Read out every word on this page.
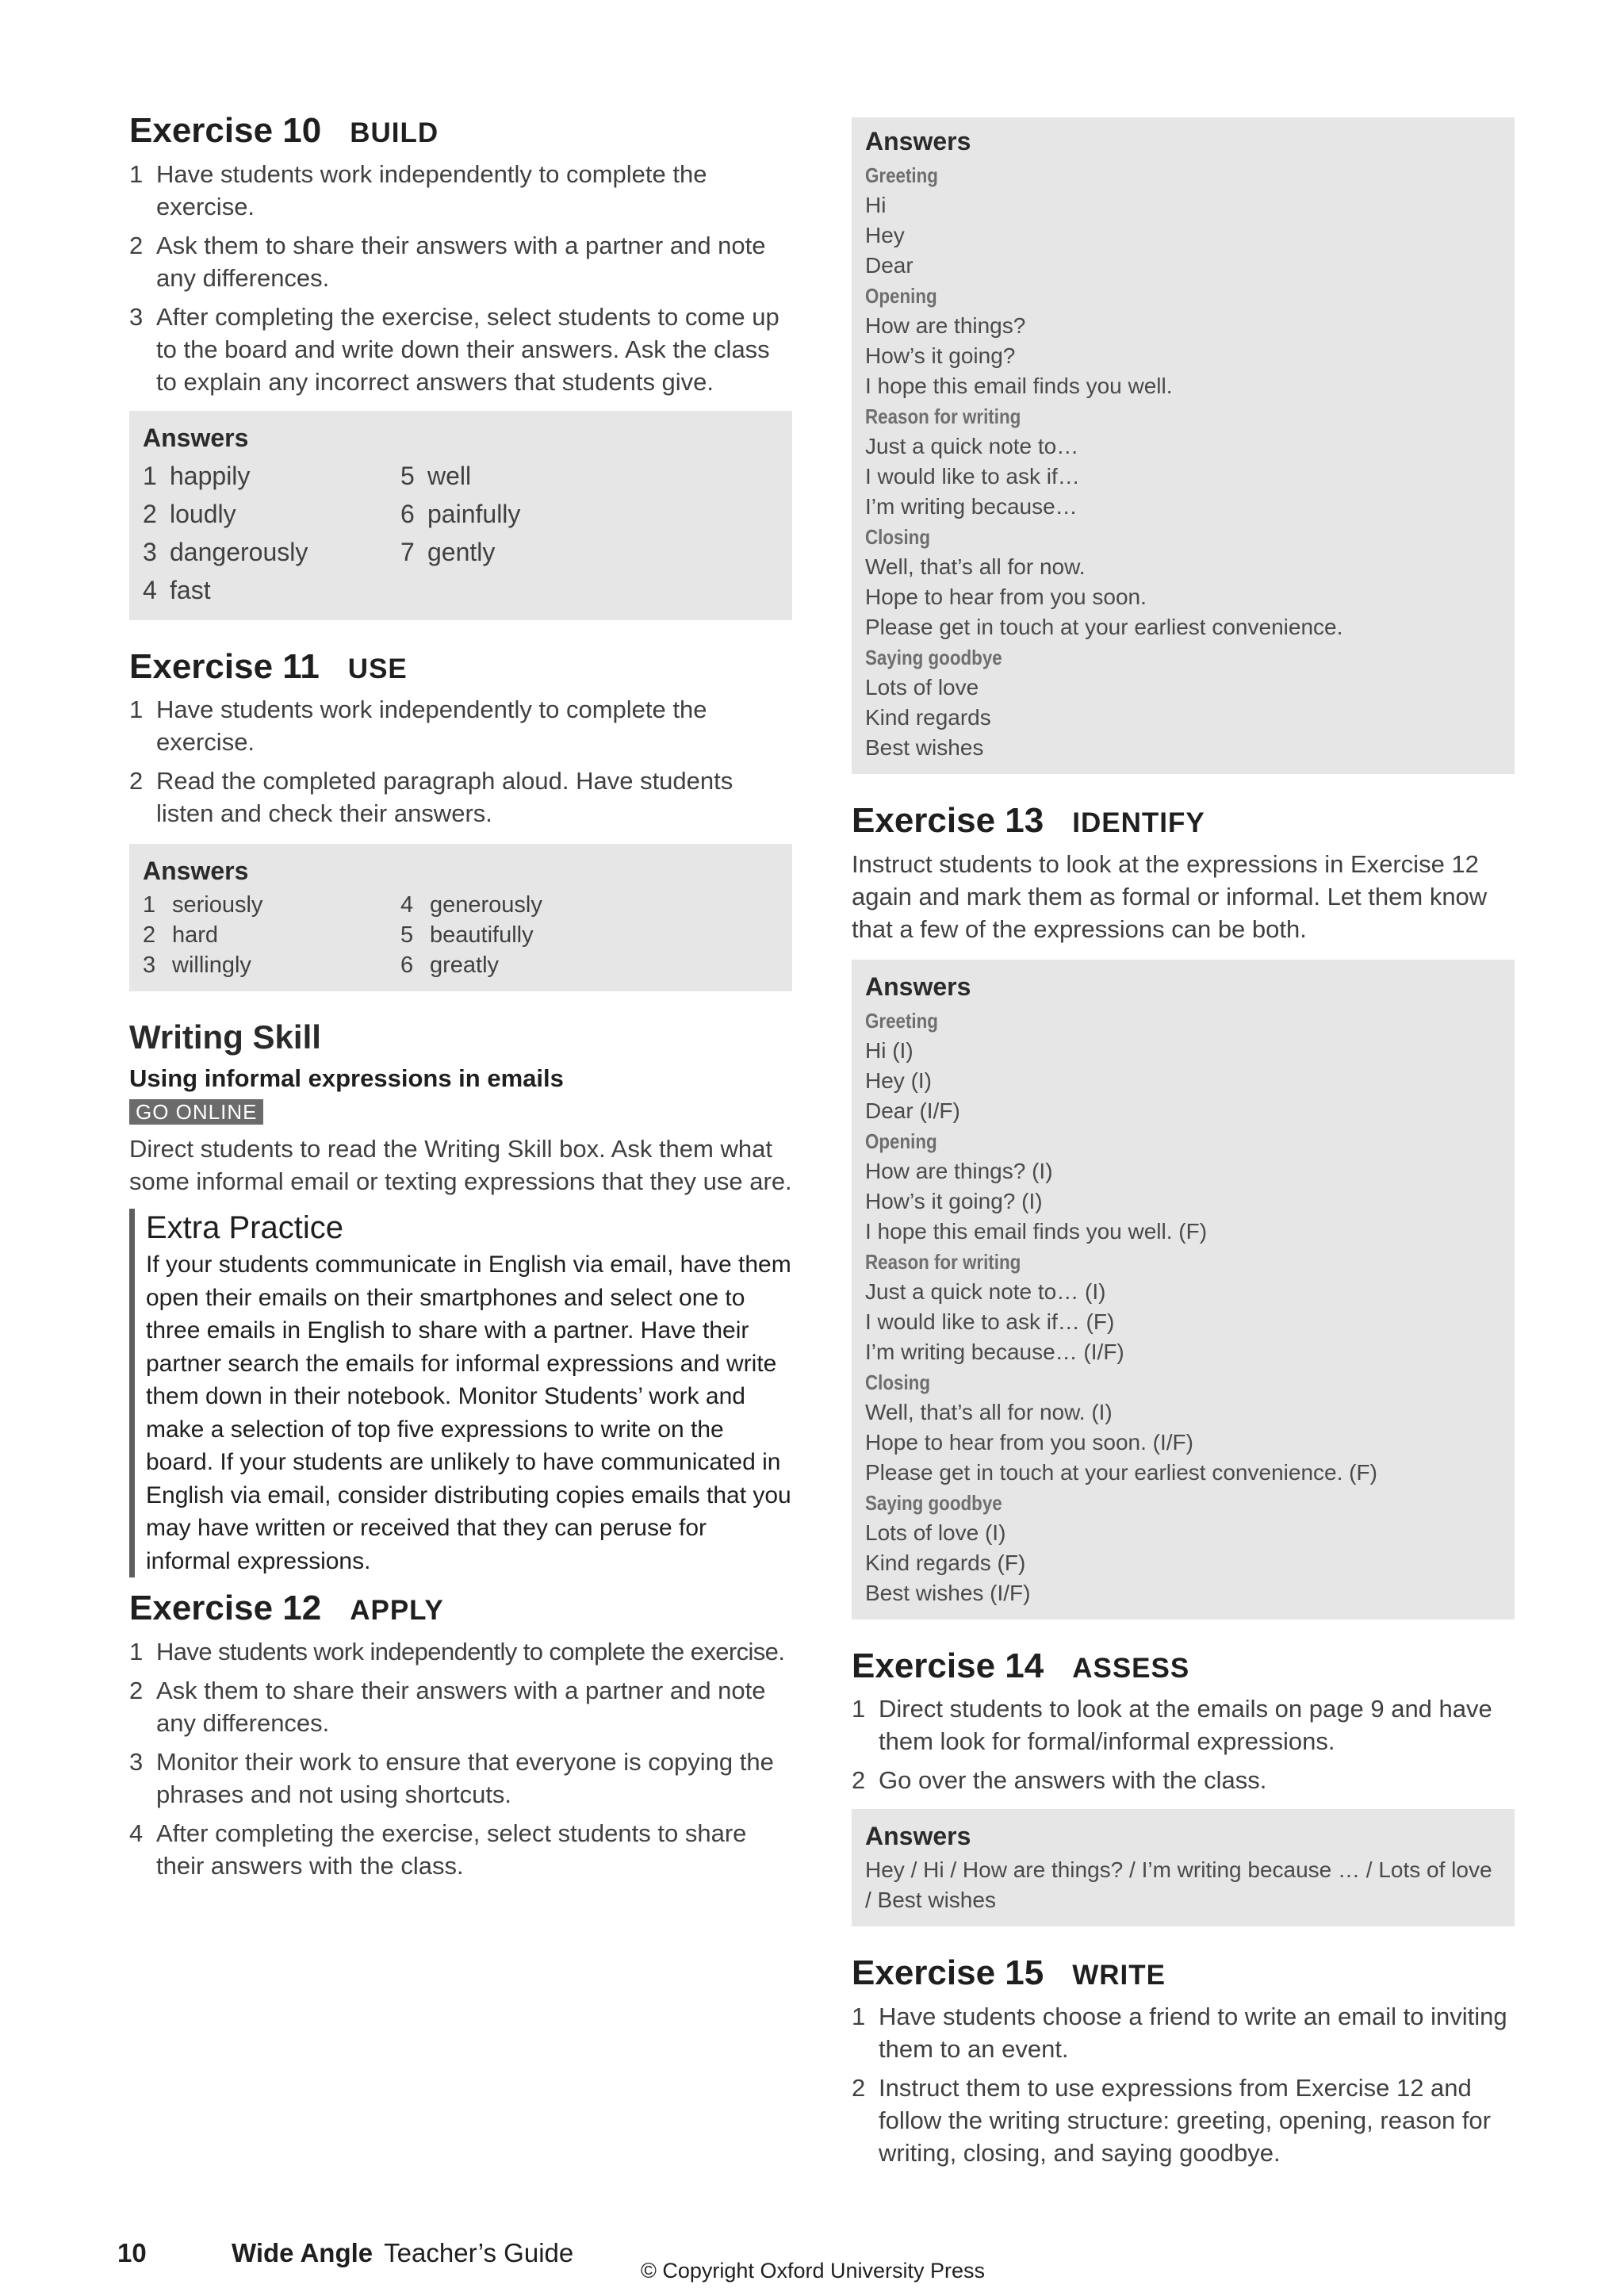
Exercise 10 BUILD
1 Have students work independently to complete the exercise.
2 Ask them to share their answers with a partner and note any differences.
3 After completing the exercise, select students to come up to the board and write down their answers. Ask the class to explain any incorrect answers that students give.
Answers
1 happily	5 well
2 loudly	6 painfully
3 dangerously	7 gently
4 fast
Exercise 11 USE
1 Have students work independently to complete the exercise.
2 Read the completed paragraph aloud. Have students listen and check their answers.
Answers
1 seriously	4 generously
2 hard	5 beautifully
3 willingly	6 greatly
Writing Skill
Using informal expressions in emails
GO ONLINE

Direct students to read the Writing Skill box. Ask them what some informal email or texting expressions that they use are.

Extra Practice

If your students communicate in English via email, have them open their emails on their smartphones and select one to three emails in English to share with a partner. Have their partner search the emails for informal expressions and write them down in their notebook. Monitor Students’ work and make a selection of top five expressions to write on the board. If your students are unlikely to have communicated in English via email, consider distributing copies emails that you may have written or received that they can peruse for informal expressions.

Exercise 12 APPLY
1 Have students work independently to complete the exercise.
2 Ask them to share their answers with a partner and note any differences.
3 Monitor their work to ensure that everyone is copying the phrases and not using shortcuts.
4 After completing the exercise, select students to share their answers with the class.
Answers
Greeting
Hi
Hey
Dear
Opening
How are things?
How’s it going?
I hope this email finds you well.
Reason for writing
Just a quick note to…
I would like to ask if…
I’m writing because…
Closing
Well, that’s all for now.
Hope to hear from you soon.
Please get in touch at your earliest convenience.
Saying goodbye
Lots of love
Kind regards
Best wishes
Exercise 13 IDENTIFY

Instruct students to look at the expressions in Exercise 12 again and mark them as formal or informal. Let them know that a few of the expressions can be both.

Answers
Greeting
Hi (I)
Hey (I)
Dear (I/F)
Opening
How are things? (I)
How’s it going? (I)
I hope this email finds you well. (F)
Reason for writing
Just a quick note to… (I)
I would like to ask if… (F)
I’m writing because… (I/F)
Closing
Well, that’s all for now. (I)
Hope to hear from you soon. (I/F)
Please get in touch at your earliest convenience. (F)
Saying goodbye
Lots of love (I)
Kind regards (F)
Best wishes (I/F)
Exercise 14 ASSESS
1 Direct students to look at the emails on page 9 and have them look for formal/informal expressions.
2 Go over the answers with the class.
Answers
Hey / Hi / How are things? / I’m writing because … / Lots of love / Best wishes
Exercise 15 WRITE
1 Have students choose a friend to write an email to inviting them to an event.
2 Instruct them to use expressions from Exercise 12 and follow the writing structure: greeting, opening, reason for writing, closing, and saying goodbye.
10	Wide Angle Teacher’s Guide
© Copyright Oxford University Press
